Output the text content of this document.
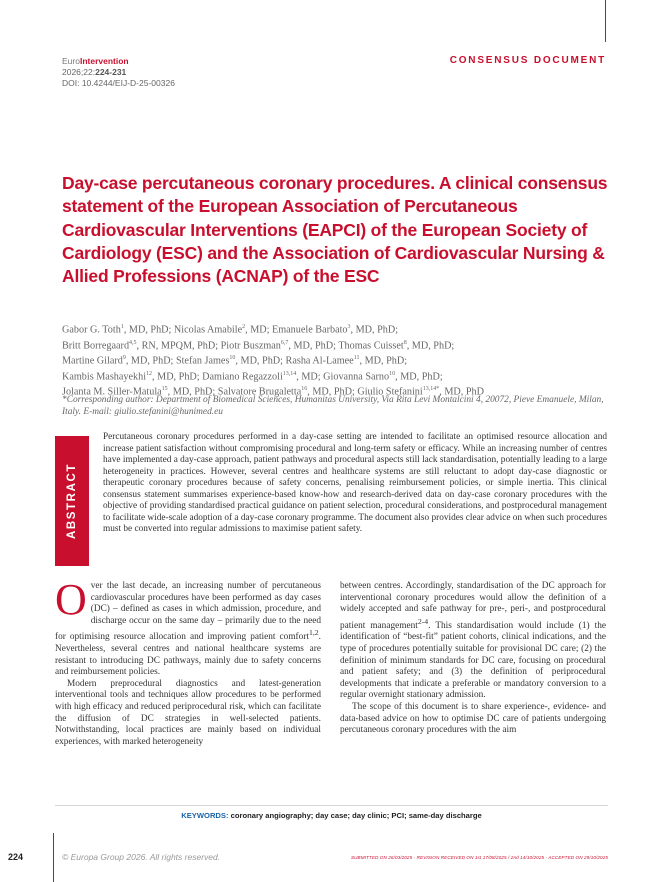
EuroIntervention
2026;22:224-231
DOI: 10.4244/EIJ-D-25-00326
CONSENSUS DOCUMENT
Day-case percutaneous coronary procedures. A clinical consensus statement of the European Association of Percutaneous Cardiovascular Interventions (EAPCI) of the European Society of Cardiology (ESC) and the Association of Cardiovascular Nursing & Allied Professions (ACNAP) of the ESC
Gabor G. Toth$^1$, MD, PhD; Nicolas Amabile$^2$, MD; Emanuele Barbato$^3$, MD, PhD;
Britt Borregaard$^{4,5}$, RN, MPQM, PhD; Piotr Buszman$^{6,7}$, MD, PhD; Thomas Cuisset$^8$, MD, PhD;
Martine Gilard$^9$, MD, PhD; Stefan James$^{10}$, MD, PhD; Rasha Al-Lamee$^{11}$, MD, PhD;
Kambis Mashayekhi$^{12}$, MD, PhD; Damiano Regazzoli$^{13,14}$, MD; Giovanna Sarno$^{10}$, MD, PhD;
Jolanta M. Siller-Matula$^{15}$, MD, PhD; Salvatore Brugaletta$^{16}$, MD, PhD; Giulio Stefanini$^{13,14*}$, MD, PhD
*Corresponding author: Department of Biomedical Sciences, Humanitas University, Via Rita Levi Montalcini 4, 20072, Pieve Emanuele, Milan, Italy. E-mail: giulio.stefanini@hunimed.eu
ABSTRACT

Percutaneous coronary procedures performed in a day-case setting are intended to facilitate an optimised resource allocation and increase patient satisfaction without compromising procedural and long-term safety or efficacy. While an increasing number of centres have implemented a day-case approach, patient pathways and procedural aspects still lack standardisation, potentially leading to a large heterogeneity in practices. However, several centres and healthcare systems are still reluctant to adopt day-case diagnostic or therapeutic coronary procedures because of safety concerns, penalising reimbursement policies, or simple inertia. This clinical consensus statement summarises experience-based know-how and research-derived data on day-case coronary procedures with the objective of providing standardised practical guidance on patient selection, procedural considerations, and postprocedural management to facilitate wide-scale adoption of a day-case coronary programme. The document also provides clear advice on when such procedures must be converted into regular admissions to maximise patient safety.

Over the last decade, an increasing number of percutaneous cardiovascular procedures have been performed as day cases (DC) – defined as cases in which admission, procedure, and discharge occur on the same day – primarily due to the need for optimising resource allocation and improving patient comfort$^{1,2}$. Nevertheless, several centres and national healthcare systems are resistant to introducing DC pathways, mainly due to safety concerns and reimbursement policies.

Modern preprocedural diagnostics and latest-generation interventional tools and techniques allow procedures to be performed with high efficacy and reduced periprocedural risk, which can facilitate the diffusion of DC strategies in well-selected patients. Notwithstanding, local practices are mainly based on individual experiences, with marked heterogeneity

between centres. Accordingly, standardisation of the DC approach for interventional coronary procedures would allow the definition of a widely accepted and safe pathway for pre-, peri-, and postprocedural patient management$^{2-4}$. This standardisation would include (1) the identification of “best-fit” patient cohorts, clinical indications, and the type of procedures potentially suitable for provisional DC care; (2) the definition of minimum standards for DC care, focusing on procedural and patient safety; and (3) the definition of periprocedural developments that indicate a preferable or mandatory conversion to a regular overnight stationary admission.

The scope of this document is to share experience-, evidence- and data-based advice on how to optimise DC care of patients undergoing percutaneous coronary procedures with the aim

KEYWORDS: coronary angiography; day case; day clinic; PCI; same-day discharge
224	© Europa Group 2026. All rights reserved.	SUBMITTED ON 26/03/2025 - REVISION RECEIVED ON 1st 17/08/2025 / 2nd 14/10/2025 - ACCEPTED ON 29/10/2025
